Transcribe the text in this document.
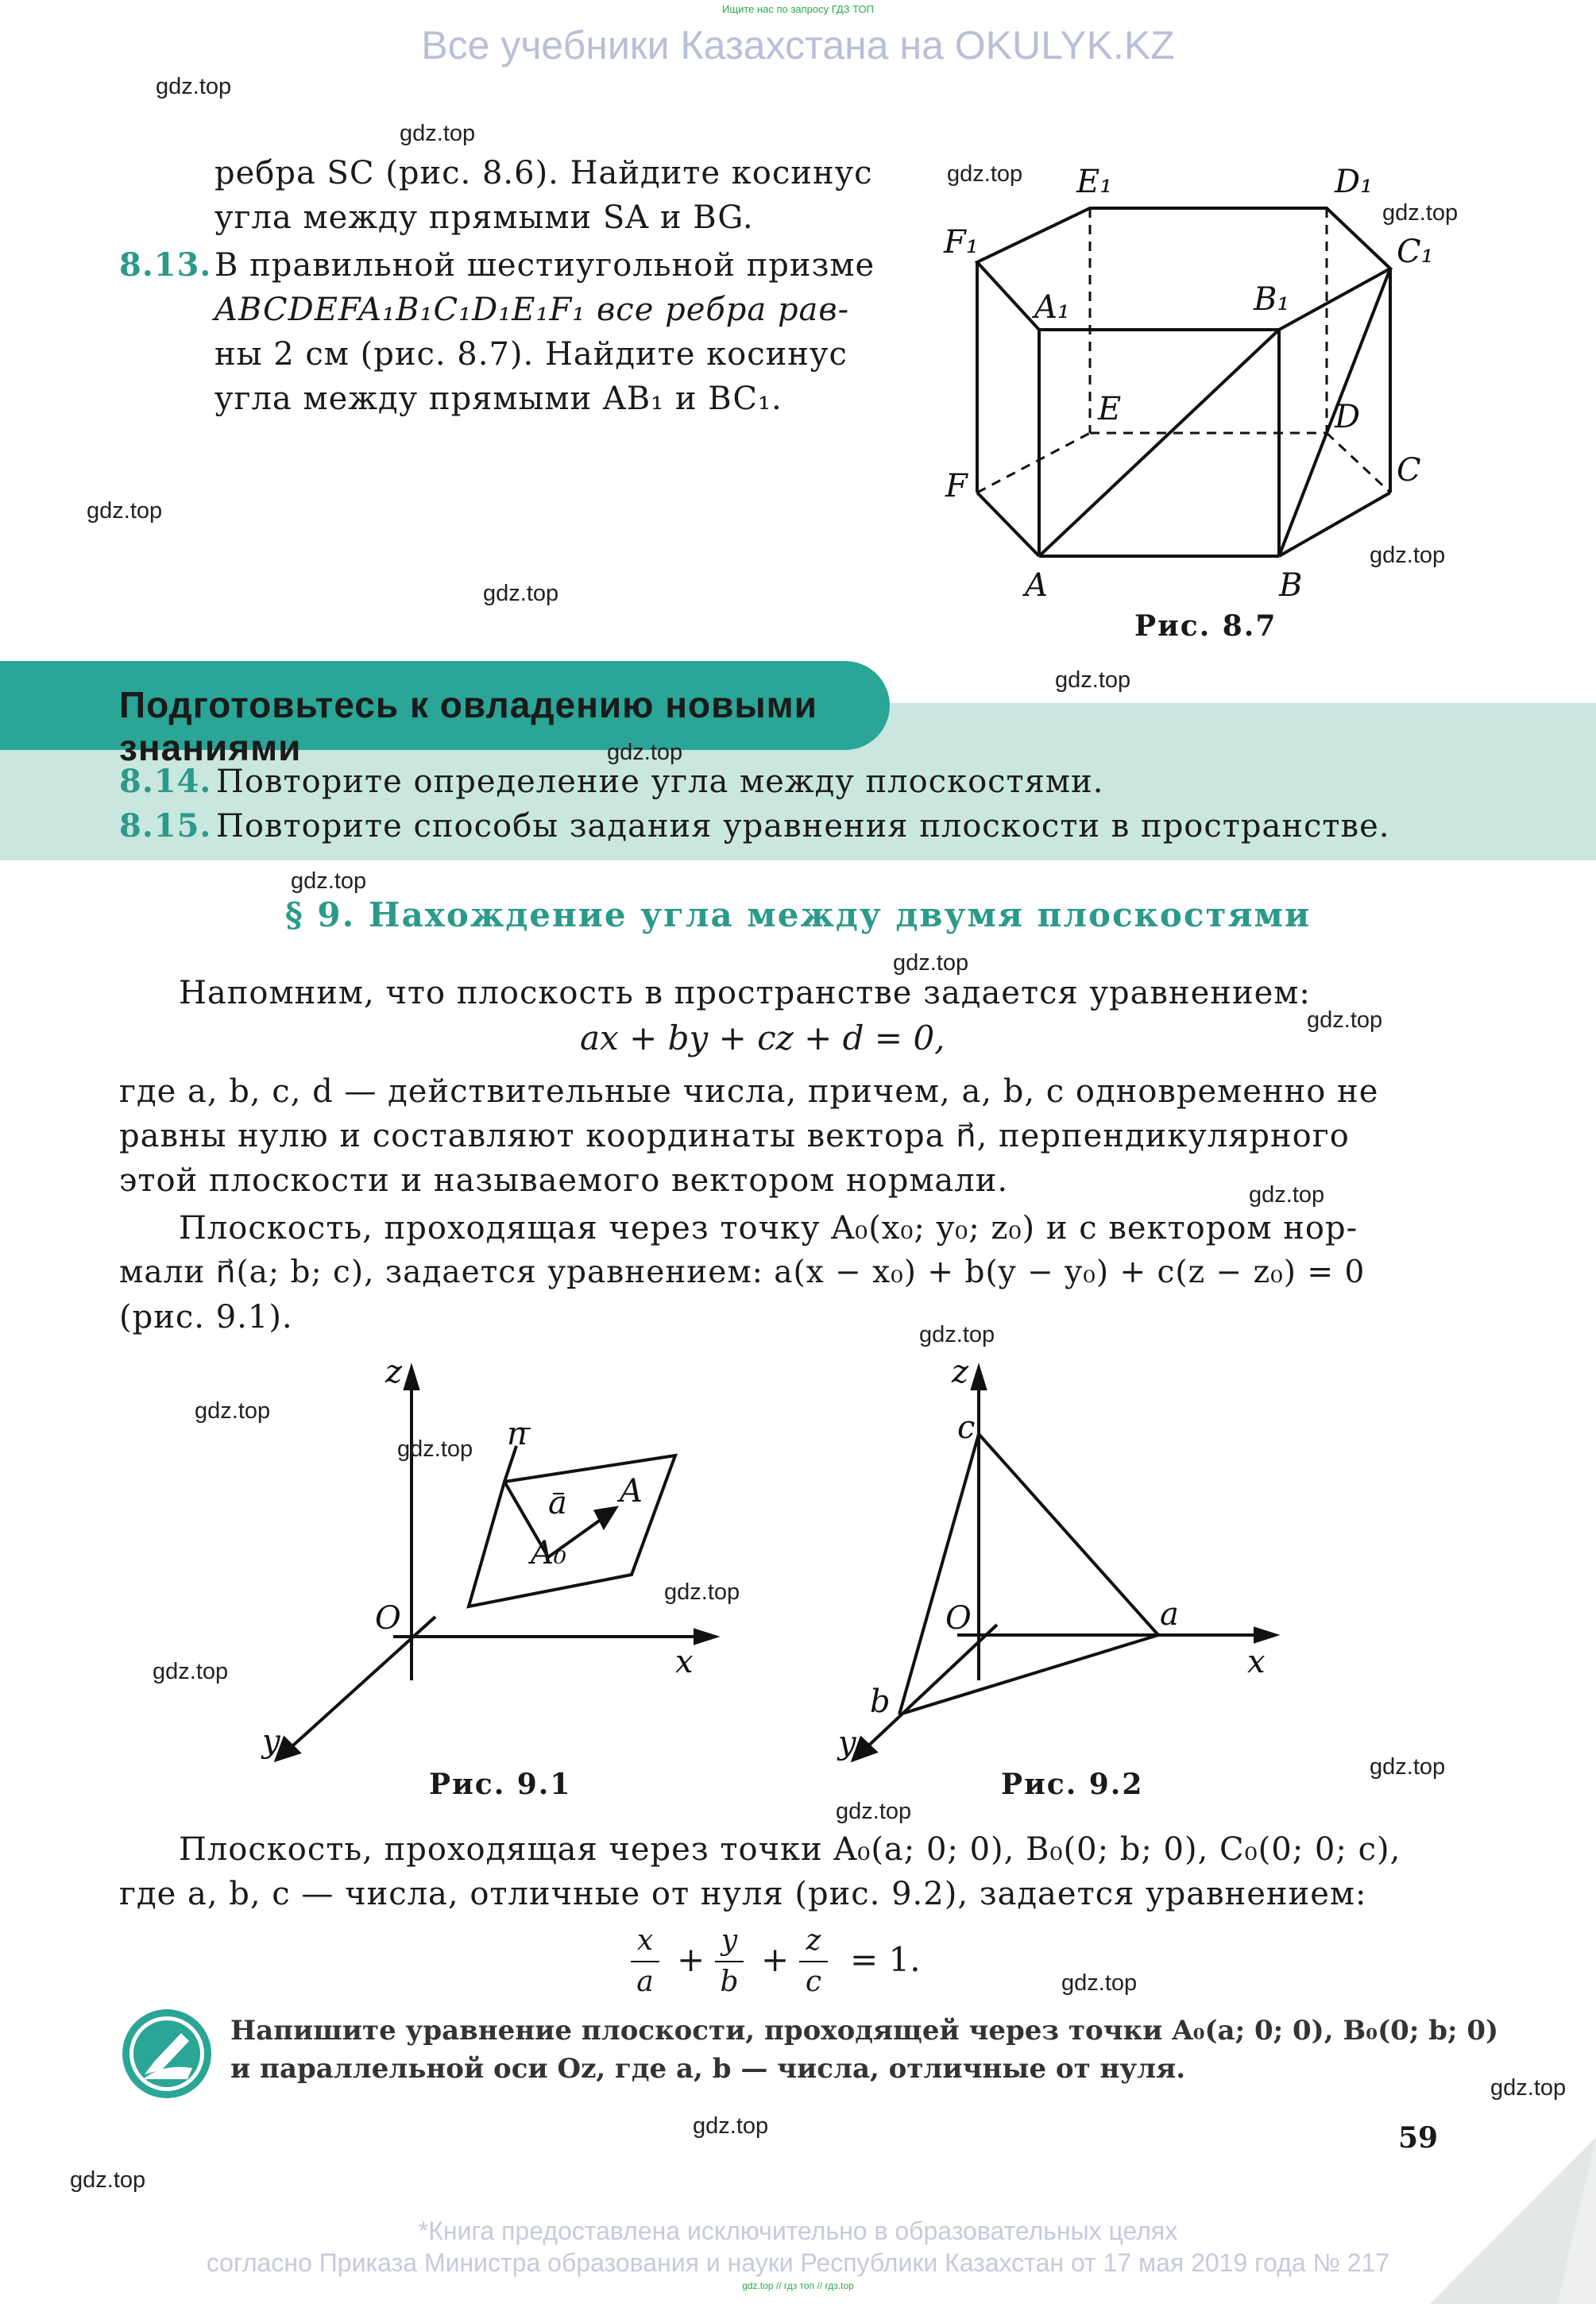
Ищите нас по запросу ГДЗ ТОП
Все учебники Казахстана на OKULYK.KZ
ребра SC (рис. 8.6). Найдите косинус
угла между прямыми SA и BG.
8.13. В правильной шестиугольной призме
ABCDEFA₁B₁C₁D₁E₁F₁ все ребра рав-
ны 2 см (рис. 8.7). Найдите косинус
угла между прямыми AB₁ и BC₁.
E₁	D₁
F₁	C₁
A₁	B₁
E	D
F	C
A	B
Рис. 8.7
Подготовьтесь к овладению новыми знаниями
8.14. Повторите определение угла между плоскостями.
8.15. Повторите способы задания уравнения плоскости в пространстве.
§ 9. Нахождение угла между двумя плоскостями
Напомним, что плоскость в пространстве задается уравнением:
ax + by + cz + d = 0,
где a, b, c, d — действительные числа, причем, a, b, c одновременно не
равны нулю и составляют координаты вектора n⃗, перпендикулярного
этой плоскости и называемого вектором нормали.
Плоскость, проходящая через точку A₀(x₀; y₀; z₀) и с вектором нор-
мали n⃗(a; b; c), задается уравнением: a(x − x₀) + b(y − y₀) + c(z − z₀) = 0
(рис. 9.1).
z
n
a A
A₀
O
x
y
Рис. 9.1
z
c
O	a
x
b
y
Рис. 9.2
Плоскость, проходящая через точки A₀(a; 0; 0), B₀(0; b; 0), C₀(0; 0; c),
где a, b, c — числа, отличные от нуля (рис. 9.2), задается уравнением:
x
a
+ y
b
+ z
c
= 1.
Напишите уравнение плоскости, проходящей через точки A₀(a; 0; 0), B₀(0; b; 0)
и параллельной оси Oz, где a, b — числа, отличные от нуля.
59
*Книга предоставлена исключительно в образовательных целях
согласно Приказа Министра образования и науки Республики Казахстан от 17 мая 2019 года № 217
gdz.top // гдз топ // гдз.top
gdz.top
gdz.top
gdz.top
gdz.top
gdz.top
gdz.top
gdz.top
gdz.top
gdz.top
gdz.top
gdz.top
gdz.top
gdz.top
gdz.top
gdz.top
gdz.top
gdz.top
gdz.top
gdz.top
gdz.top
gdz.top
gdz.top
gdz.top
gdz.top
